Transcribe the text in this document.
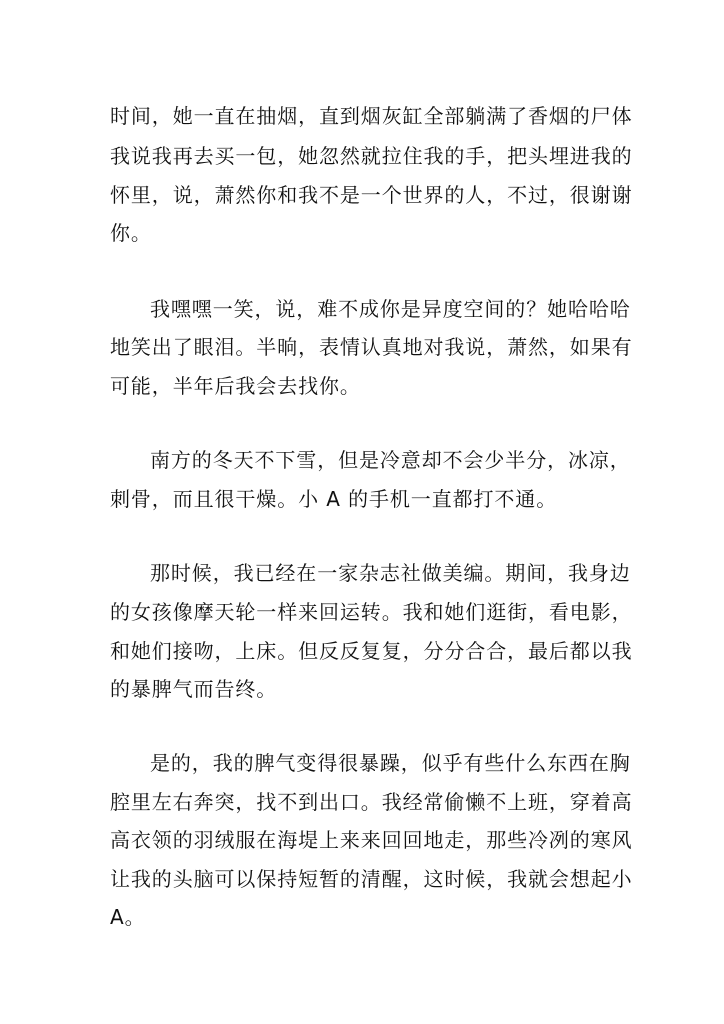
时间，她一直在抽烟，直到烟灰缸全部躺满了香烟的尸体
我说我再去买一包，她忽然就拉住我的手，把头埋进我的
怀里，说，萧然你和我不是一个世界的人，不过，很谢谢
你。
我嘿嘿一笑，说，难不成你是异度空间的？她哈哈哈
地笑出了眼泪。半晌，表情认真地对我说，萧然，如果有
可能，半年后我会去找你。
南方的冬天不下雪，但是冷意却不会少半分，冰凉，
刺骨，而且很干燥。小 A 的手机一直都打不通。
那时候，我已经在一家杂志社做美编。期间，我身边
的女孩像摩天轮一样来回运转。我和她们逛街，看电影，
和她们接吻，上床。但反反复复，分分合合，最后都以我
的暴脾气而告终。
是的，我的脾气变得很暴躁，似乎有些什么东西在胸
腔里左右奔突，找不到出口。我经常偷懒不上班，穿着高
高衣领的羽绒服在海堤上来来回回地走，那些冷冽的寒风
让我的头脑可以保持短暂的清醒，这时候，我就会想起小
A。
